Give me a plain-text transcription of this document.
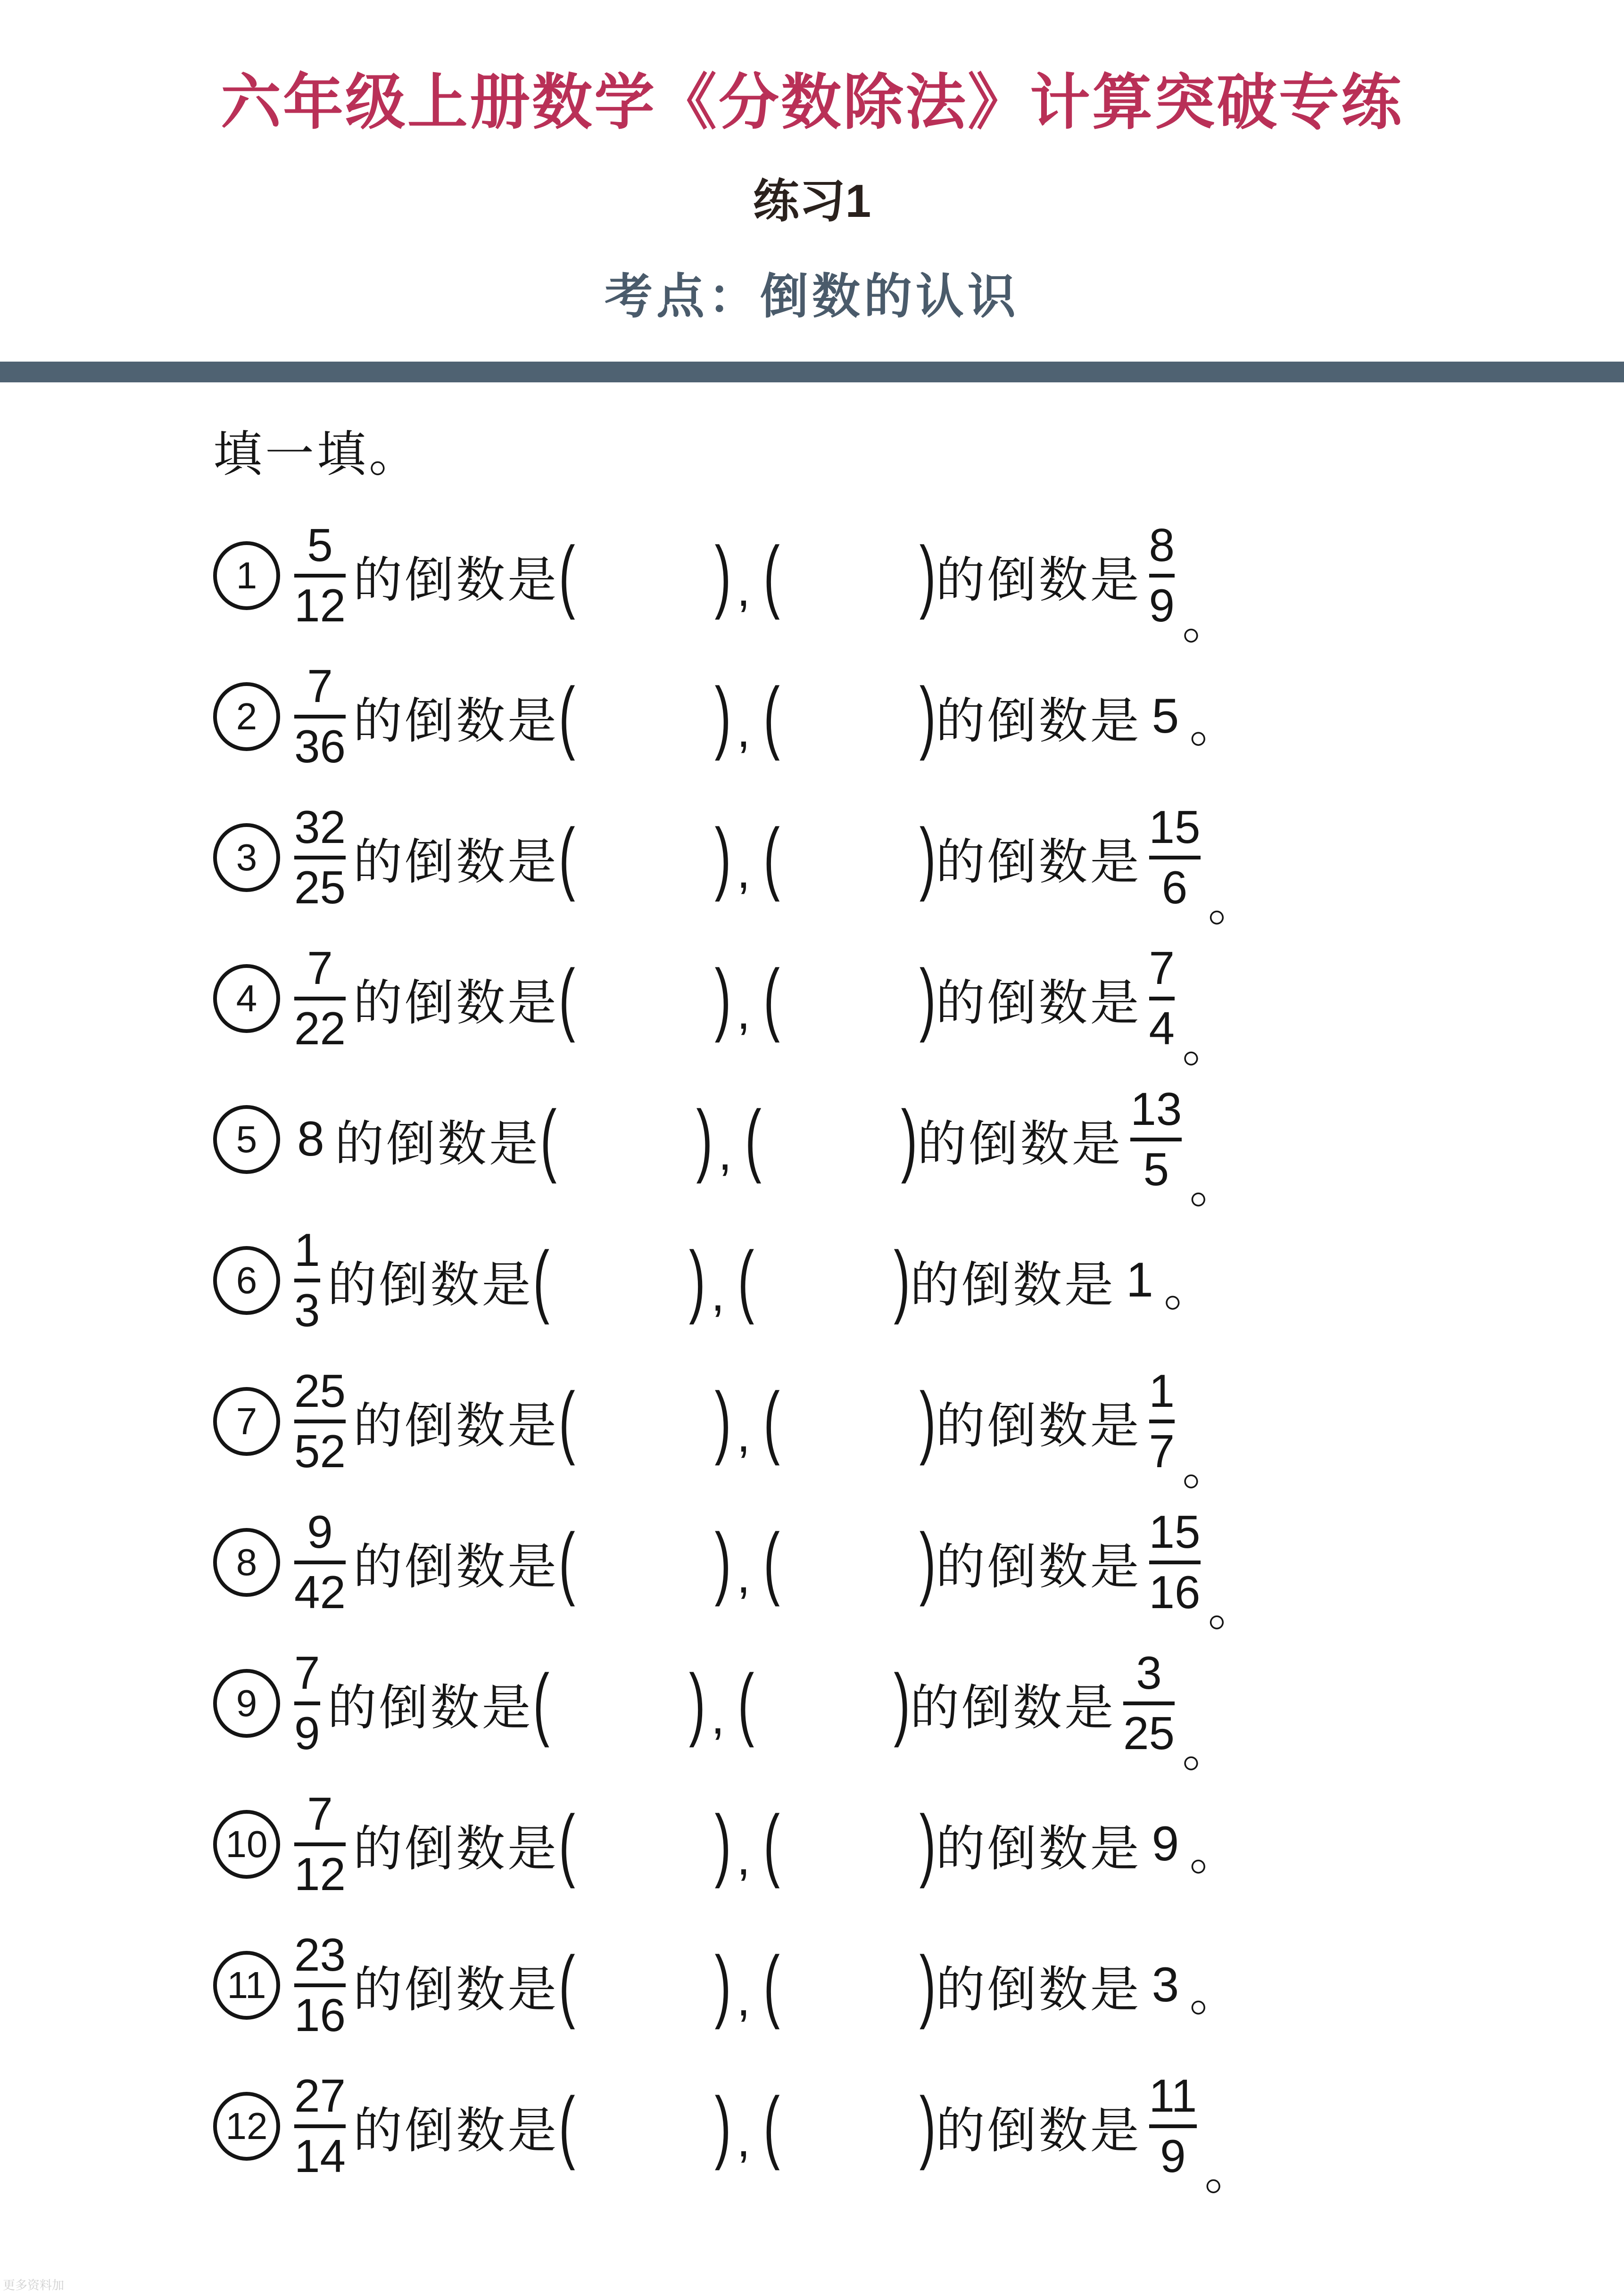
六年级上册数学《分数除法》计算突破专练
练习1
考点：倒数的认识
填一填。
1
5
12 的倒数是 (	) , (	) 的倒数是
8
9 。
2
7
36 的倒数是 (	) , (	) 的倒数是 5 。
3
32
25 的倒数是 (	) , (	) 的倒数是
15
6 。
4
7
22 的倒数是 (	) , (	) 的倒数是
7
4 。
5 8 的倒数是 (	) , (	) 的倒数是
13
5 。
6
1
3 的倒数是 (	) , (	) 的倒数是 1 。
7
25
52 的倒数是 (	) , (	) 的倒数是
1
7 。
8
9
42 的倒数是 (	) , (	) 的倒数是
15
16 。
9
7
9 的倒数是 (	) , (	) 的倒数是
3
25 。
10
7
12 的倒数是 (	) , (	) 的倒数是 9 。
11
23
16 的倒数是 (	) , (	) 的倒数是 3 。
12
27
14 的倒数是 (	) , (	) 的倒数是
11
9 。
更多资料加
